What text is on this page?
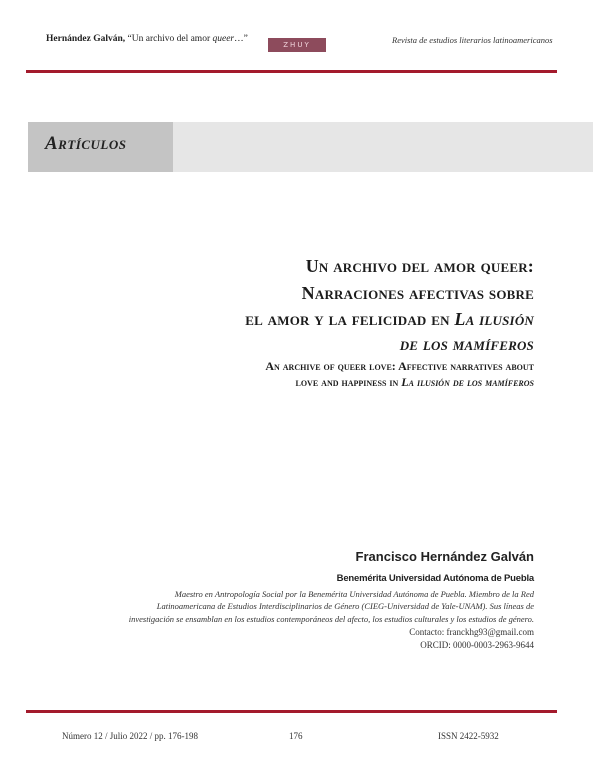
Hernández Galván, “Un archivo del amor queer…”
ZHUY	Revista de estudios literarios latinoamericanos
Artículos
Un archivo del amor queer:
Narraciones afectivas sobre
el amor y la felicidad en La ilusión
de los mamíferos
An archive of queer love: Affective narratives about
love and happiness in La ilusión de los mamíferos
Francisco Hernández Galván
Benemérita Universidad Autónoma de Puebla
Maestro en Antropología Social por la Benemérita Universidad Autónoma de Puebla. Miembro de la Red
Latinoamericana de Estudios Interdisciplinarios de Género (CIEG-Universidad de Yale-UNAM). Sus líneas de
investigación se ensamblan en los estudios contemporáneos del afecto, los estudios culturales y los estudios de género.
Contacto: franckhg93@gmail.com
ORCID: 0000-0003-2963-9644
Número 12 / Julio 2022 / pp. 176-198	176	ISSN 2422-5932
